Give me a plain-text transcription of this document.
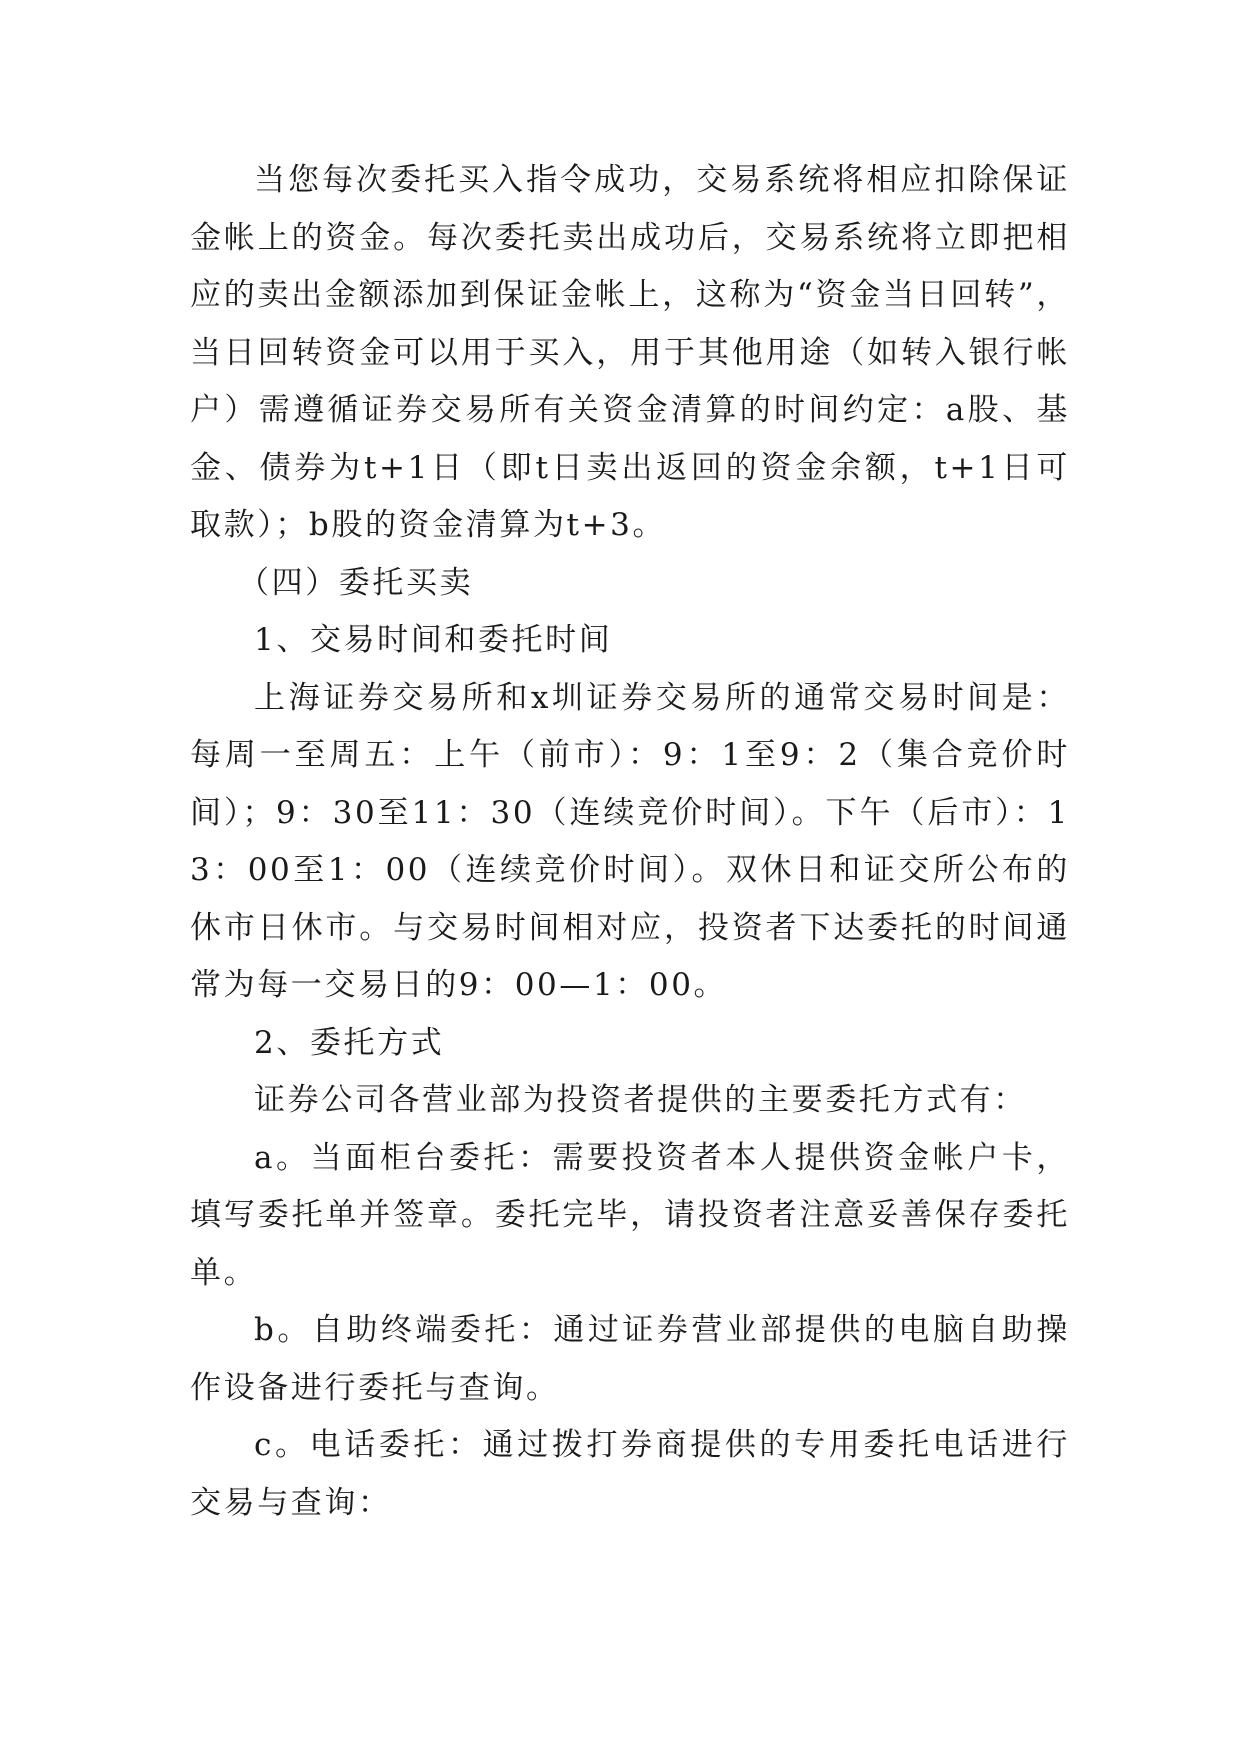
当您每次委托买入指令成功，交易系统将相应扣除保证金帐上的资金。每次委托卖出成功后，交易系统将立即把相应的卖出金额添加到保证金帐上，这称为“资金当日回转”，当日回转资金可以用于买入，用于其他用途（如转入银行帐户）需遵循证券交易所有关资金清算的时间约定：a股、基金、债券为t+1日（即t日卖出返回的资金余额，t+1日可取款）；b股的资金清算为t+3。

（四）委托买卖

1、交易时间和委托时间

上海证券交易所和x圳证券交易所的通常交易时间是：每周一至周五：上午（前市）：9：1至9：2（集合竞价时间）；9：30至11：30（连续竞价时间）。下午（后市）：13：00至1：00（连续竞价时间）。双休日和证交所公布的休市日休市。与交易时间相对应，投资者下达委托的时间通常为每一交易日的9：00—1：00。

2、委托方式

证券公司各营业部为投资者提供的主要委托方式有：

a。当面柜台委托：需要投资者本人提供资金帐户卡，填写委托单并签章。委托完毕，请投资者注意妥善保存委托单。

b。自助终端委托：通过证券营业部提供的电脑自助操作设备进行委托与查询。

c。电话委托：通过拨打券商提供的专用委托电话进行交易与查询：
